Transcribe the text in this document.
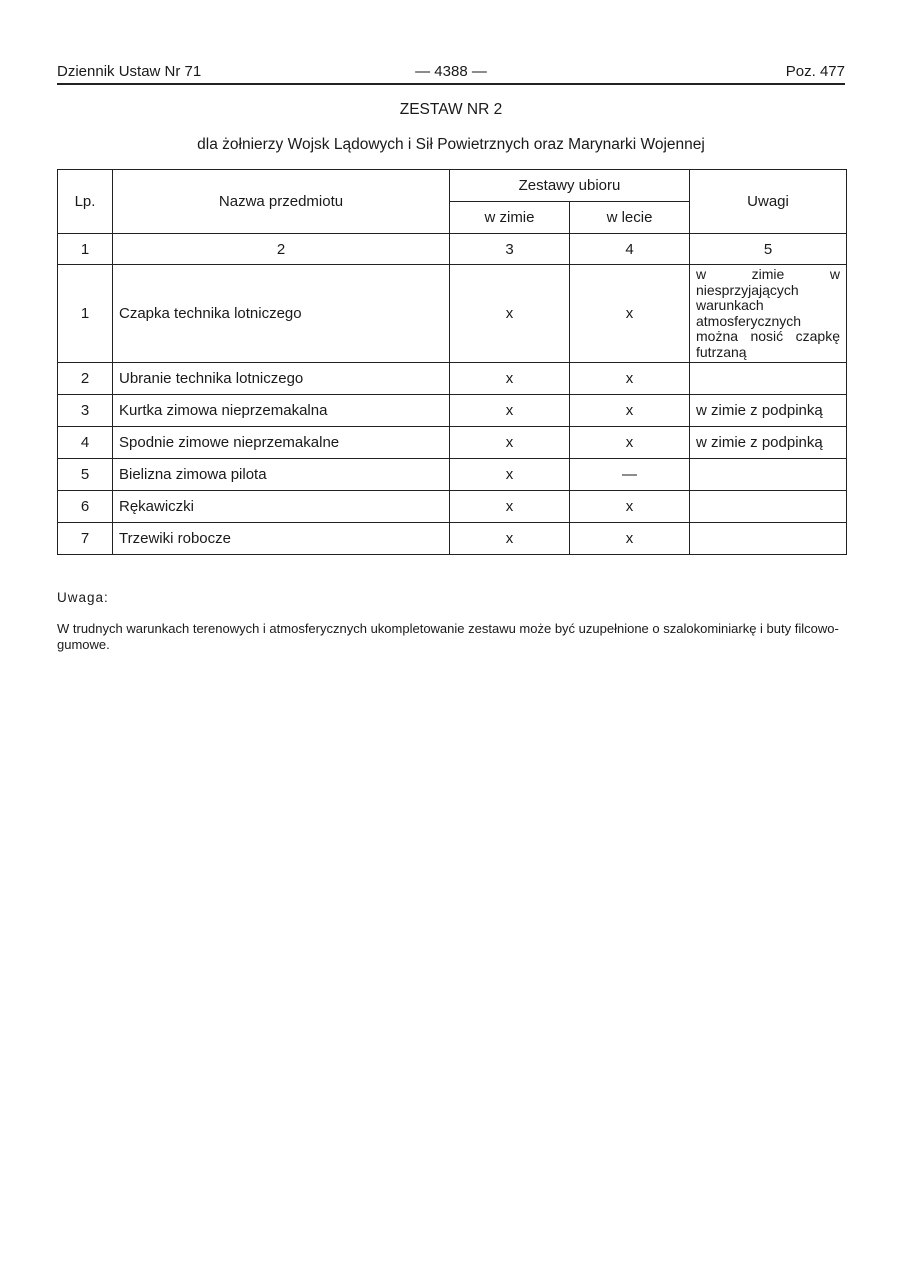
Dziennik Ustaw Nr 71	— 4388 —	Poz. 477
ZESTAW NR 2
dla żołnierzy Wojsk Lądowych i Sił Powietrznych oraz Marynarki Wojennej
Lp.	Nazwa przedmiotu	Zestawy ubioru		Uwagi
		w zimie	w lecie	
1	2	3	4	5
1	Czapka technika lotniczego	x	x	w zimie w niesprzyjających warunkach atmosferycznych można nosić czapkę futrzaną
2	Ubranie technika lotniczego	x	x	
3	Kurtka zimowa nieprzemakalna	x	x	w zimie z podpinką
4	Spodnie zimowe nieprzemakalne	x	x	w zimie z podpinką
5	Bielizna zimowa pilota	x	—	
6	Rękawiczki	x	x	
7	Trzewiki robocze	x	x	
Uwaga:
W trudnych warunkach terenowych i atmosferycznych ukompletowanie zestawu może być uzupełnione o szalokominiarkę i buty filcowo-gumowe.
